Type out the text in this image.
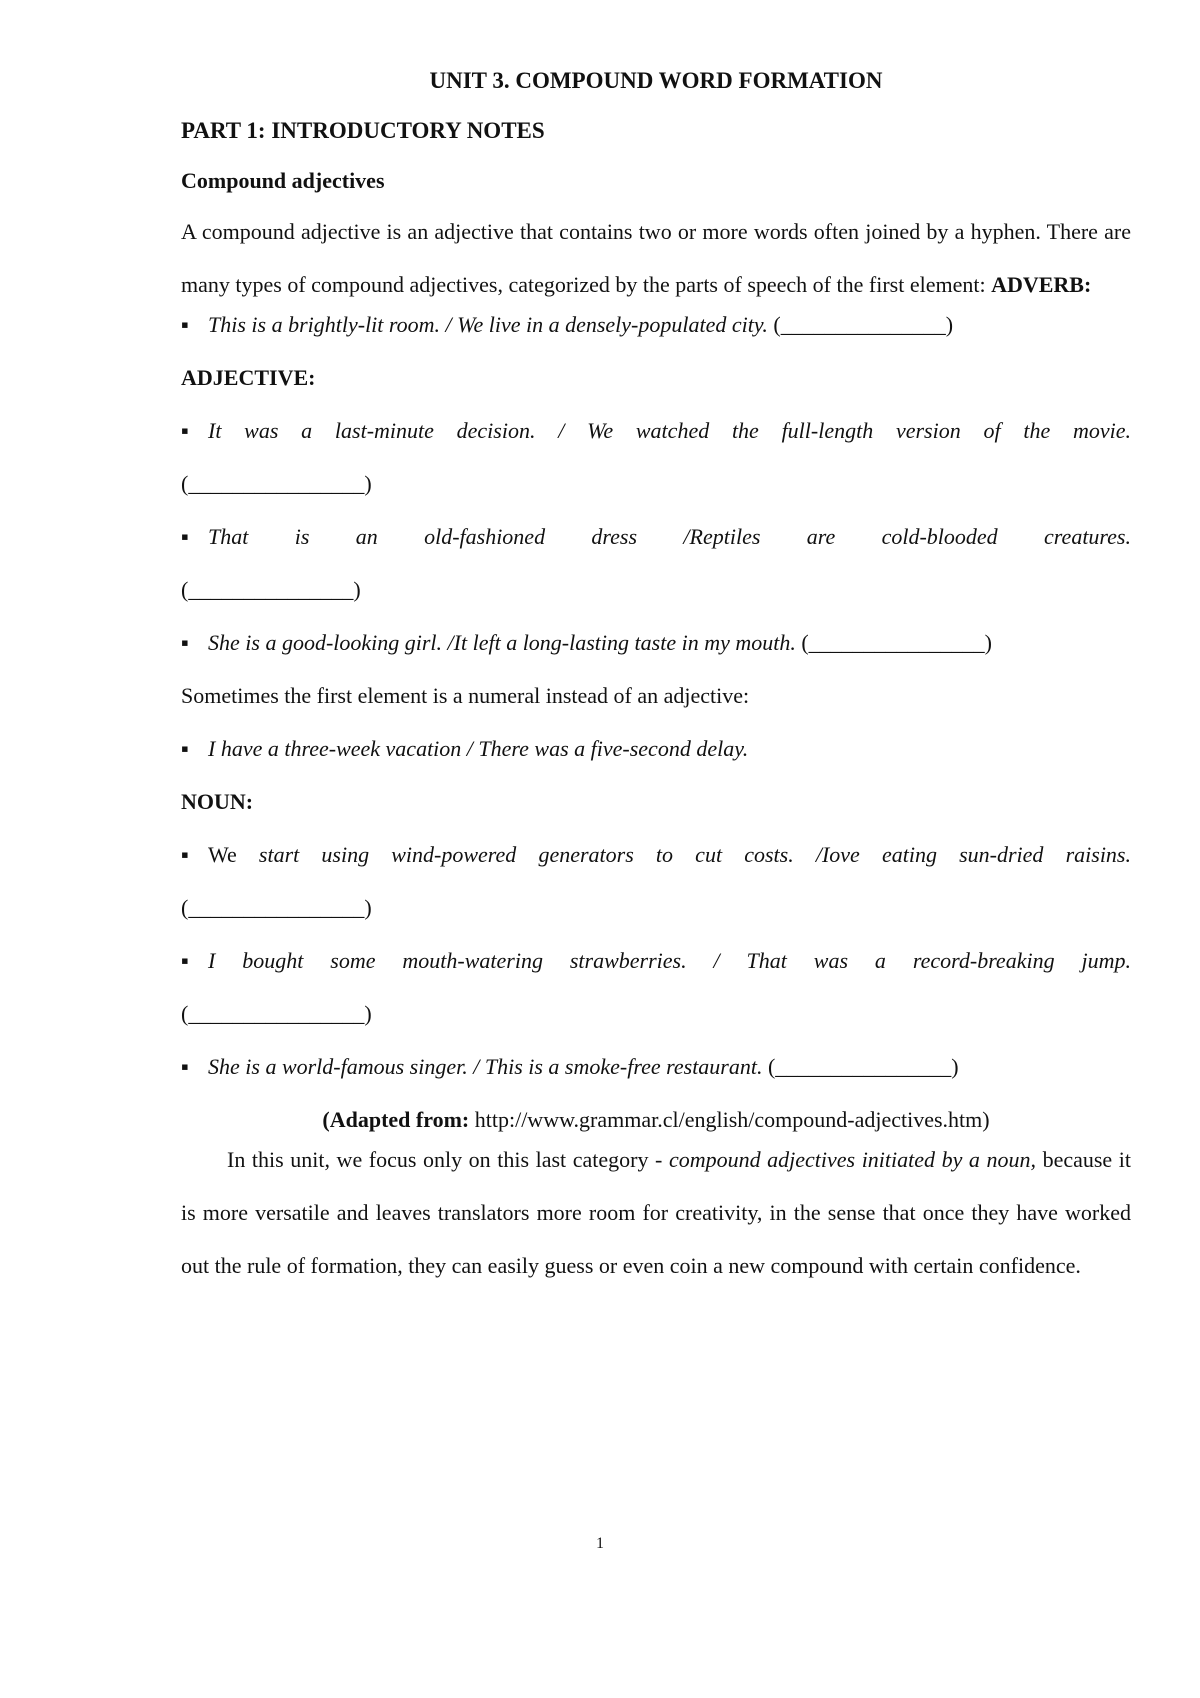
UNIT 3. COMPOUND WORD FORMATION
PART 1: INTRODUCTORY NOTES
Compound adjectives

A compound adjective is an adjective that contains two or more words often joined by a hyphen. There are many types of compound adjectives, categorized by the parts of speech of the first element: ADVERB:

▪ This is a brightly-lit room. / We live in a densely-populated city. (_______________)

ADJECTIVE:

▪ It was a last-minute decision. / We watched the full-length version of the movie.

(________________)

▪ That is an old-fashioned dress /Reptiles are cold-blooded creatures.

(_______________)

▪ She is a good-looking girl. /It left a long-lasting taste in my mouth. (________________)

Sometimes the first element is a numeral instead of an adjective:

▪ I have a three-week vacation / There was a five-second delay.

NOUN:

▪ We start using wind-powered generators to cut costs. /Iove eating sun-dried raisins.

(________________)

▪ I bought some mouth-watering strawberries. / That was a record-breaking jump.

(________________)

▪ She is a world-famous singer. / This is a smoke-free restaurant. (________________)

(Adapted from: http://www.grammar.cl/english/compound-adjectives.htm)

In this unit, we focus only on this last category - compound adjectives initiated by a noun, because it is more versatile and leaves translators more room for creativity, in the sense that once they have worked out the rule of formation, they can easily guess or even coin a new compound with certain confidence.

1
